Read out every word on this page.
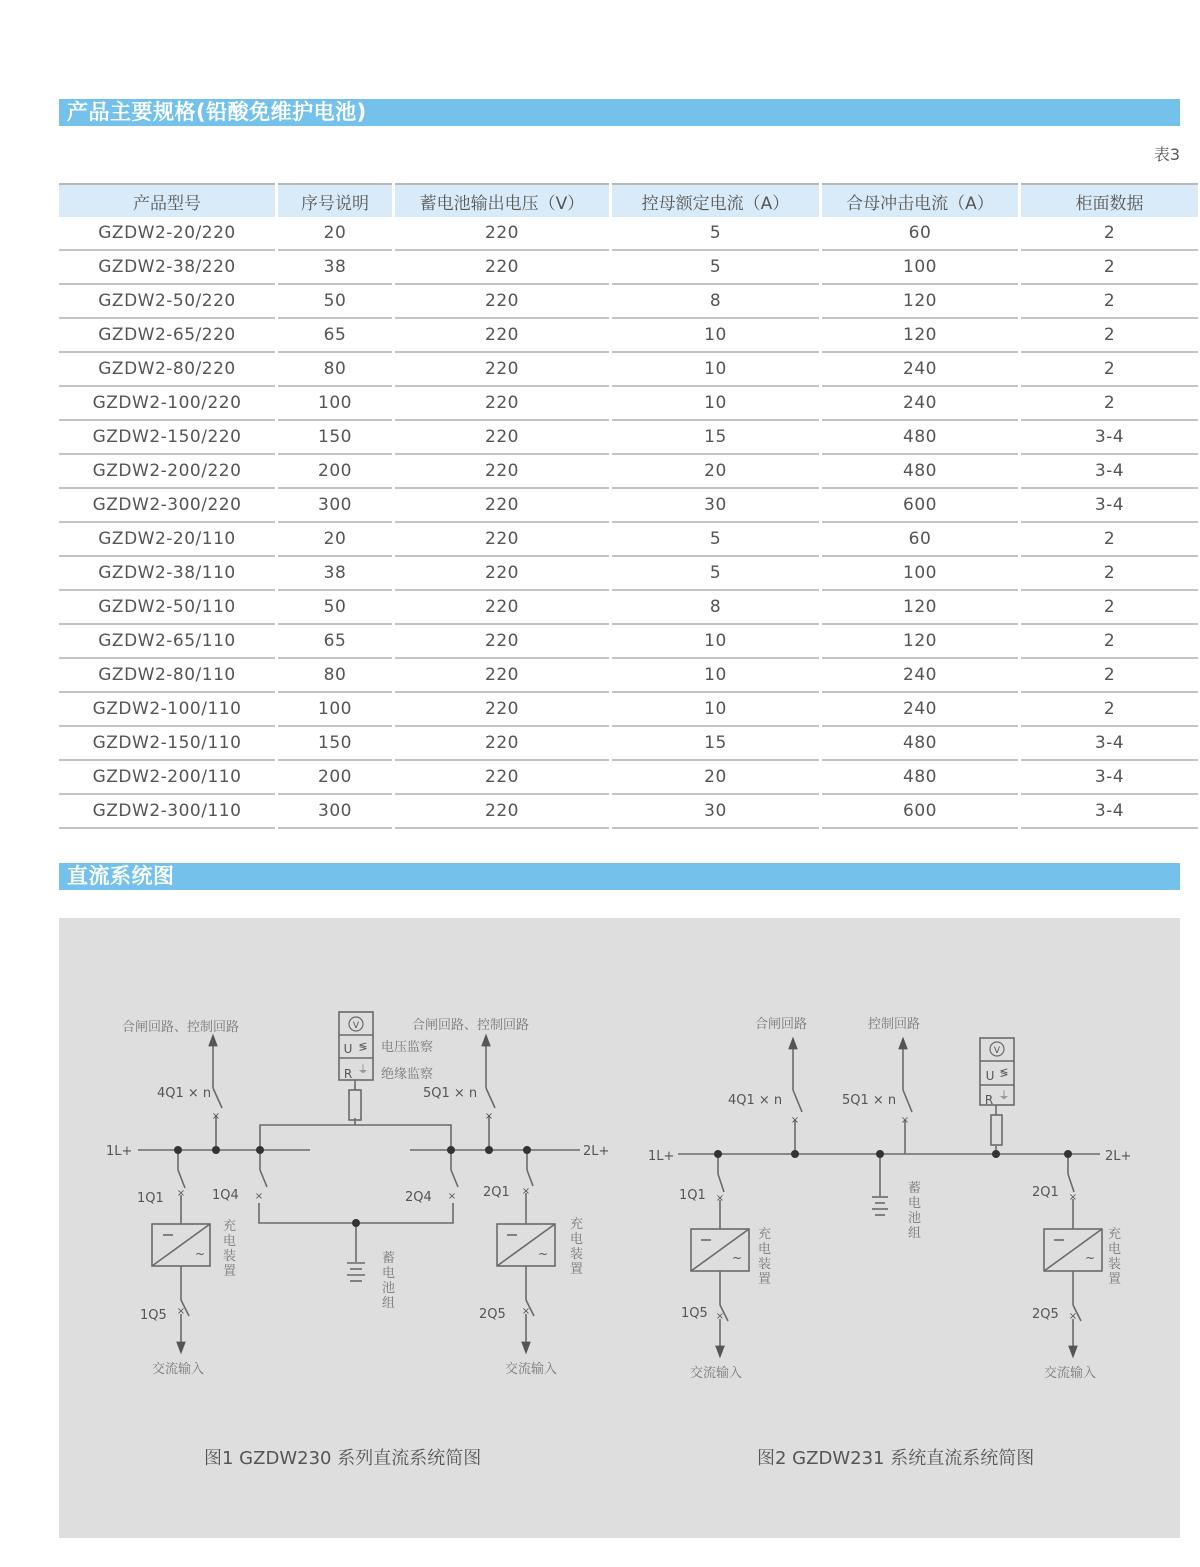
产品主要规格(铅酸免维护电池)
表3
产品型号	序号说明	蓄电池输出电压（V）	控母额定电流（A）	合母冲击电流（A）	柜面数据
GZDW2-20/220	20	220	5	60	2
GZDW2-38/220	38	220	5	100	2
GZDW2-50/220	50	220	8	120	2
GZDW2-65/220	65	220	10	120	2
GZDW2-80/220	80	220	10	240	2
GZDW2-100/220	100	220	10	240	2
GZDW2-150/220	150	220	15	480	3-4
GZDW2-200/220	200	220	20	480	3-4
GZDW2-300/220	300	220	30	600	3-4
GZDW2-20/110	20	220	5	60	2
GZDW2-38/110	38	220	5	100	2
GZDW2-50/110	50	220	8	120	2
GZDW2-65/110	65	220	10	120	2
GZDW2-80/110	80	220	10	240	2
GZDW2-100/110	100	220	10	240	2
GZDW2-150/110	150	220	15	480	3-4
GZDW2-200/110	200	220	20	480	3-4
GZDW2-300/110	300	220	30	600	3-4
直流系统图
V
U ≶
R ⏚
电压监察
绝缘监察
1L+	2L+
×
4Q1 × n
合闸回路、控制回路
×
5Q1 × n
合闸回路、控制回路
×
1Q1
~
充电装置
×
1Q5
交流输入
×
1Q4	×
2Q4
蓄电池组
×
2Q1
~
充电装置
×
2Q5
交流输入
1L+	2L+
×
4Q1 × n
合闸回路
×
5Q1 × n
控制回路
蓄电池组
V
U ≶
R ⏚
×
1Q1
~
充电装置
×
1Q5
交流输入
×
2Q1
~
充电装置
×
2Q5
交流输入
图1 GZDW230 系列直流系统简图	图2 GZDW231 系统直流系统简图
